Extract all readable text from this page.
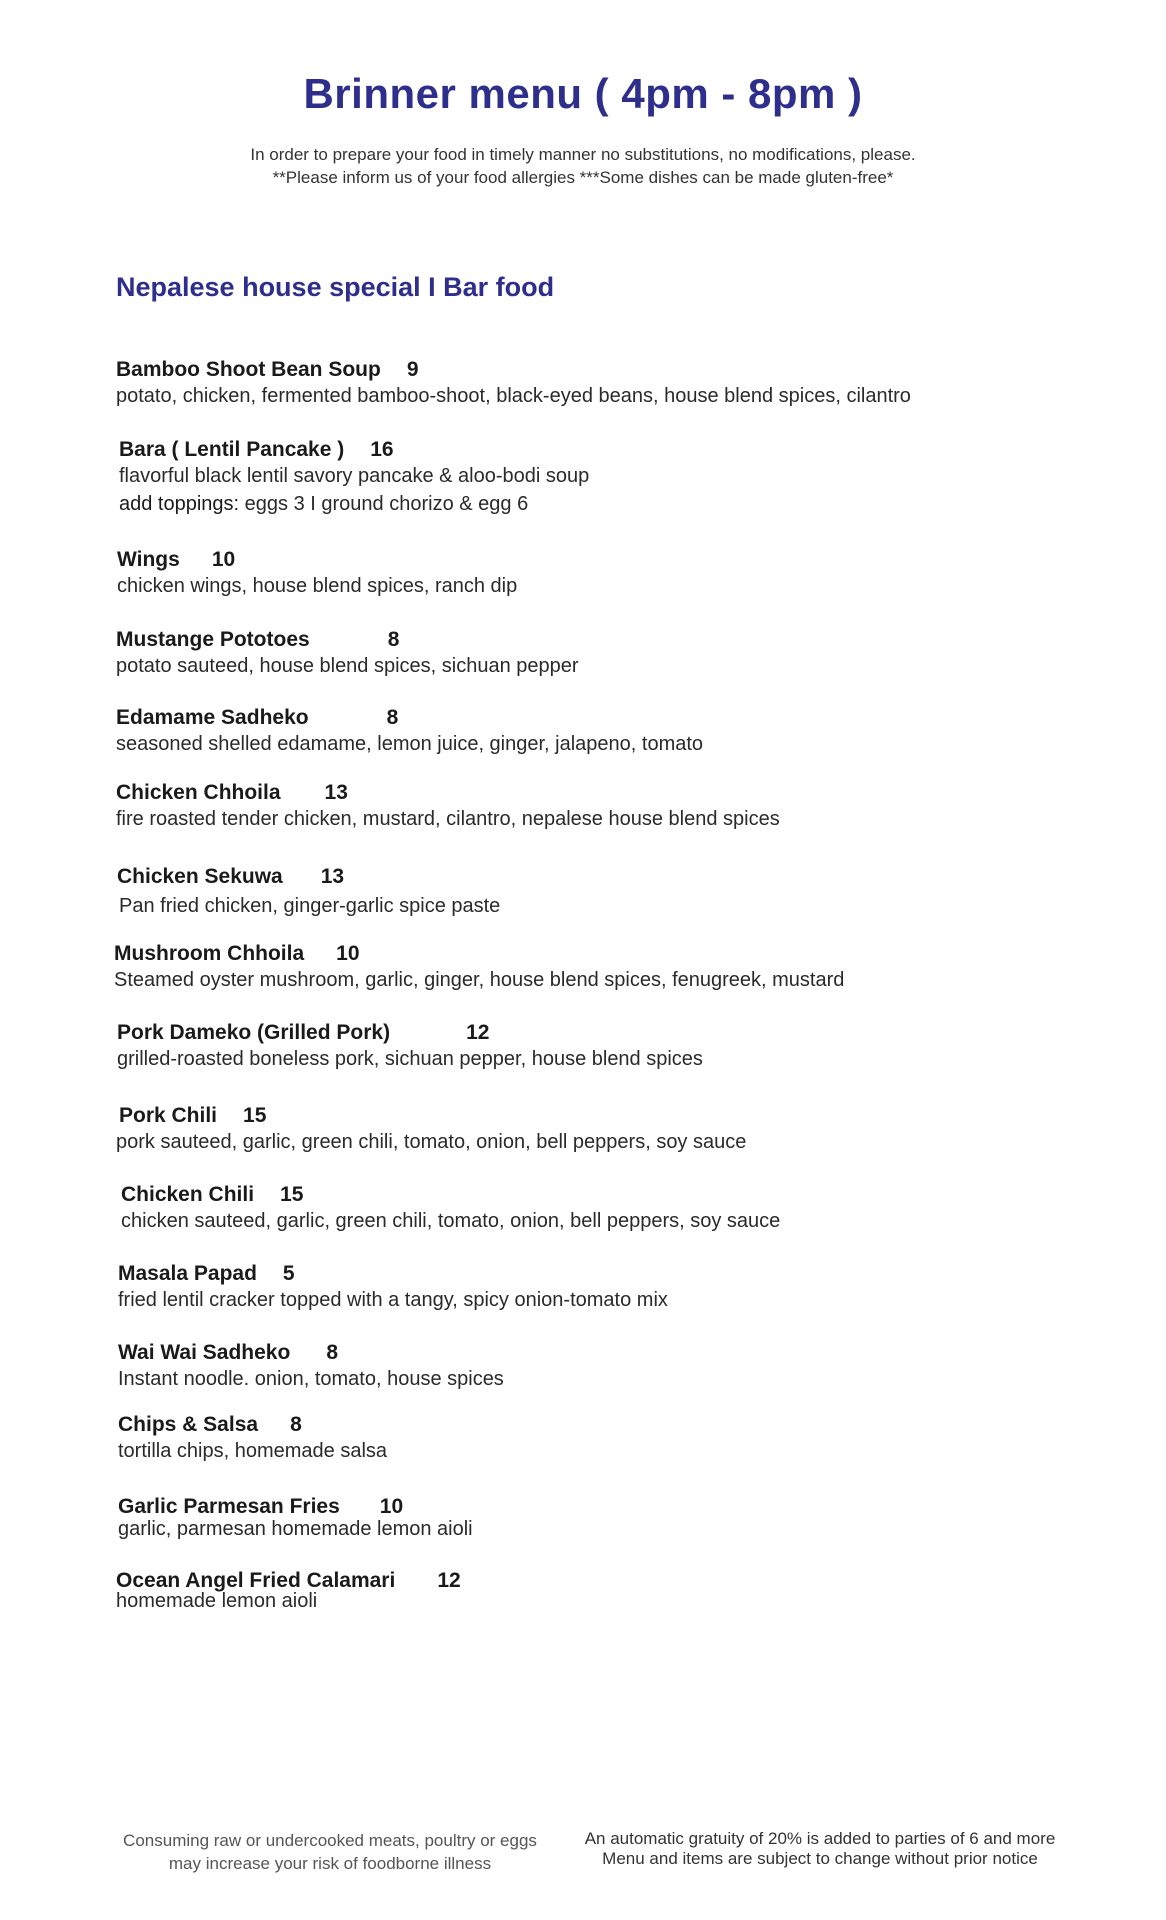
Brinner menu ( 4pm - 8pm )
In order to prepare your food in timely manner no substitutions, no modifications, please.
**Please inform us of your food allergies ***Some dishes can be made gluten-free*
Nepalese house special I Bar food
Bamboo Shoot Bean Soup 9
potato, chicken, fermented bamboo-shoot, black-eyed beans, house blend spices, cilantro
Bara ( Lentil Pancake ) 16
flavorful black lentil savory pancake & aloo-bodi soup
add toppings: eggs 3 I ground chorizo & egg 6
Wings 10
chicken wings, house blend spices, ranch dip
Mustange Pototoes	8
potato sauteed, house blend spices, sichuan pepper
Edamame Sadheko	8
seasoned shelled edamame, lemon juice, ginger, jalapeno, tomato
Chicken Chhoila 13
fire roasted tender chicken, mustard, cilantro, nepalese house blend spices
Chicken Sekuwa 13
Pan fried chicken, ginger-garlic spice paste
Mushroom Chhoila 10
Steamed oyster mushroom, garlic, ginger, house blend spices, fenugreek, mustard
Pork Dameko (Grilled Pork)	12
grilled-roasted boneless pork, sichuan pepper, house blend spices
Pork Chili 15
pork sauteed, garlic, green chili, tomato, onion, bell peppers, soy sauce
Chicken Chili 15
chicken sauteed, garlic, green chili, tomato, onion, bell peppers, soy sauce
Masala Papad 5
fried lentil cracker topped with a tangy, spicy onion-tomato mix
Wai Wai Sadheko 8
Instant noodle. onion, tomato, house spices
Chips & Salsa 8
tortilla chips, homemade salsa
Garlic Parmesan Fries 10
garlic, parmesan homemade lemon aioli
Ocean Angel Fried Calamari 12
homemade lemon aioli
Consuming raw or undercooked meats, poultry or eggs
may increase your risk of foodborne illness
An automatic gratuity of 20% is added to parties of 6 and more
Menu and items are subject to change without prior notice
